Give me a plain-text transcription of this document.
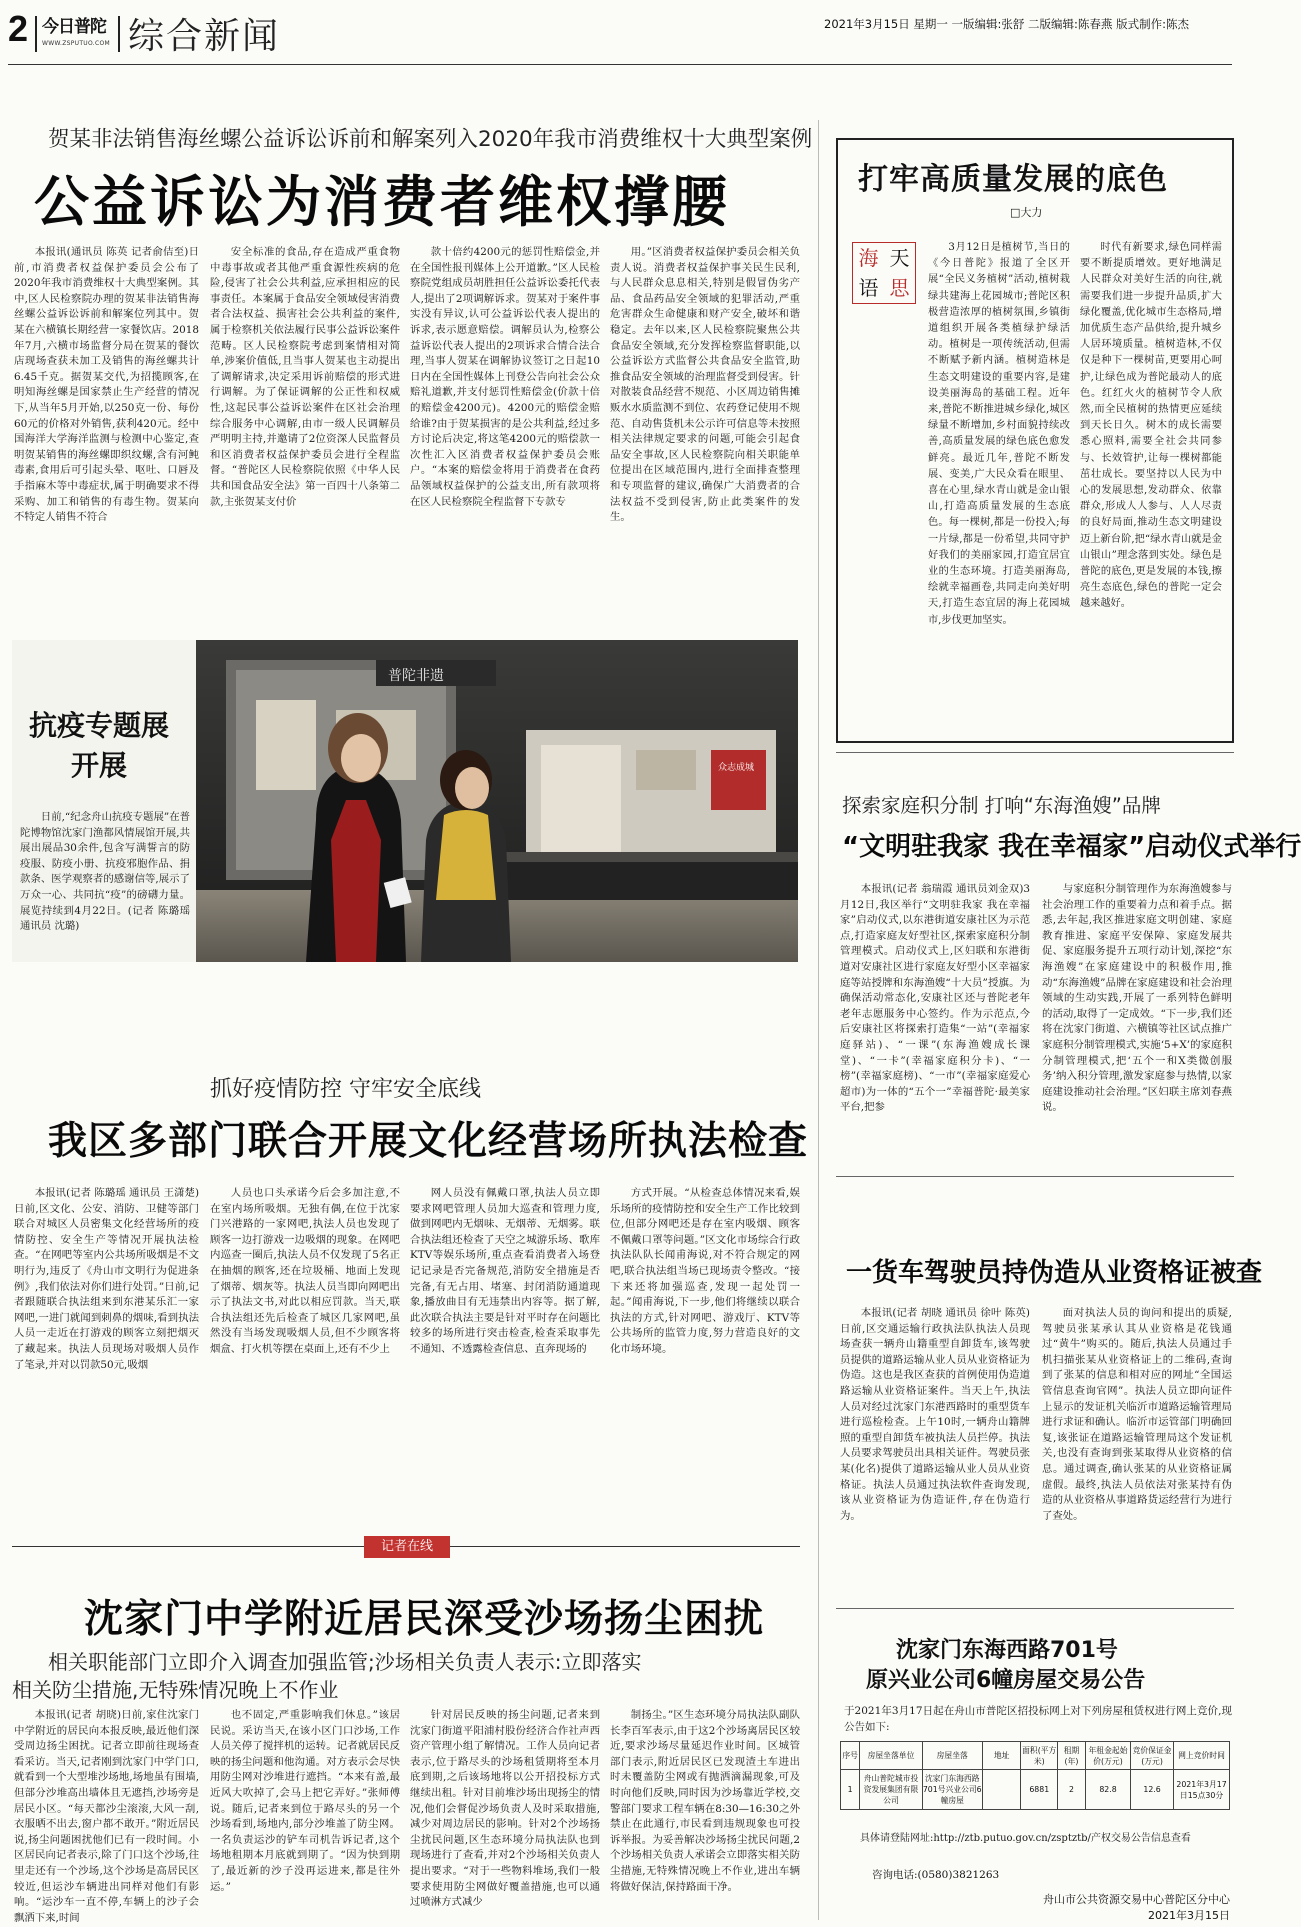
2 今日普陀
WWW.ZSPUTUO.COM 综合新闻	2021年3月15日 星期一 一版编辑:张舒 二版编辑:陈春燕 版式制作:陈杰
贺某非法销售海丝螺公益诉讼诉前和解案列入2020年我市消费维权十大典型案例
公益诉讼为消费者维权撑腰

本报讯(通讯员 陈英 记者俞佶至)日前,市消费者权益保护委员会公布了2020年我市消费维权十大典型案例。其中,区人民检察院办理的贺某非法销售海丝螺公益诉讼诉前和解案位列其中。贺某在六横镇长期经营一家餐饮店。2018年7月,六横市场监督分局在贺某的餐饮店现场查获未加工及销售的海丝螺共计6.45千克。据贺某交代,为招揽顾客,在明知海丝螺是国家禁止生产经营的情况下,从当年5月开始,以250克一份、每份60元的价格对外销售,获利420元。经中国海洋大学海洋监测与检测中心鉴定,查明贺某销售的海丝螺即织纹螺,含有河鲀毒素,食用后可引起头晕、呕吐、口唇及手指麻木等中毒症状,属于明确要求不得采购、加工和销售的有毒生物。贺某向不特定人销售不符合

安全标准的食品,存在造成严重食物中毒事故或者其他严重食源性疾病的危险,侵害了社会公共利益,应承担相应的民事责任。本案属于食品安全领域侵害消费者合法权益、损害社会公共利益的案件,属于检察机关依法履行民事公益诉讼案件范畴。区人民检察院考虑到案情相对简单,涉案价值低,且当事人贺某也主动提出了调解请求,决定采用诉前赔偿的形式进行调解。为了保证调解的公正性和权威性,这起民事公益诉讼案件在区社会治理综合服务中心调解,由市一级人民调解员严明明主持,并邀请了2位资深人民监督员和区消费者权益保护委员会进行全程监督。“普陀区人民检察院依照《中华人民共和国食品安全法》第一百四十八条第二款,主张贺某支付价

款十倍约4200元的惩罚性赔偿金,并在全国性报刊媒体上公开道歉。”区人民检察院党组成员胡胜担任公益诉讼委托代表人,提出了2项调解诉求。贺某对于案件事实没有异议,认可公益诉讼代表人提出的诉求,表示愿意赔偿。调解员认为,检察公益诉讼代表人提出的2项诉求合情合法合理,当事人贺某在调解协议签订之日起10日内在全国性媒体上刊登公告向社会公众赔礼道歉,并支付惩罚性赔偿金(价款十倍的赔偿金4200元)。4200元的赔偿金赔给谁?由于贺某损害的是公共利益,经过多方讨论后决定,将这笔4200元的赔偿款一次性汇入区消费者权益保护委员会账户。“本案的赔偿金将用于消费者在食药品领域权益保护的公益支出,所有款项将在区人民检察院全程监督下专款专

用。”区消费者权益保护委员会相关负责人说。消费者权益保护事关民生民利,与人民群众息息相关,特别是假冒伪劣产品、食品药品安全领域的犯罪活动,严重危害群众生命健康和财产安全,破坏和谐稳定。去年以来,区人民检察院聚焦公共食品安全领域,充分发挥检察监督职能,以公益诉讼方式监督公共食品安全监管,助推食品安全领域的治理监督受到侵害。针对散装食品经营不规范、小区周边销售摊贩水水质监测不到位、农药登记使用不规范、自动售货机未公示许可信息等未按照相关法律规定要求的问题,可能会引起食品安全事故,区人民检察院向相关职能单位提出在区域范围内,进行全面排查整理和专项监督的建议,确保广大消费者的合法权益不受到侵害,防止此类案件的发生。

打牢高质量发展的底色
□大力
海 天
语 思

3月12日是植树节,当日的《今日普陀》报道了全区开展“全民义务植树”活动,植树栽绿共建海上花园城市;普陀区积极营造浓厚的植树氛围,乡镇街道组织开展各类植绿护绿活动。植树是一项传统活动,但需不断赋予新内涵。植树造林是生态文明建设的重要内容,是建设美丽海岛的基础工程。近年来,普陀不断推进城乡绿化,城区绿量不断增加,乡村面貌持续改善,高质量发展的绿色底色愈发鲜亮。最近几年,普陀不断发展、变美,广大民众看在眼里、喜在心里,绿水青山就是金山银山,打造高质量发展的生态底色。每一棵树,都是一份投入;每一片绿,都是一份希望,共同守护好我们的美丽家园,打造宜居宜业的生态环境。打造美丽海岛,绘就幸福画卷,共同走向美好明天,打造生态宜居的海上花园城市,步伐更加坚实。

时代有新要求,绿色同样需要不断提质增效。更好地满足人民群众对美好生活的向往,就需要我们进一步提升品质,扩大绿化覆盖,优化城市生态格局,增加优质生态产品供给,提升城乡人居环境质量。植树造林,不仅仅是种下一棵树苗,更要用心呵护,让绿色成为普陀最动人的底色。红红火火的植树节令人欣然,而全民植树的热情更应延续到天长日久。树木的成长需要悉心照料,需要全社会共同参与、长效管护,让每一棵树都能茁壮成长。要坚持以人民为中心的发展思想,发动群众、依靠群众,形成人人参与、人人尽责的良好局面,推动生态文明建设迈上新台阶,把“绿水青山就是金山银山”理念落到实处。绿色是普陀的底色,更是发展的本钱,擦亮生态底色,绿色的普陀一定会越来越好。

抗疫专题展
开展

日前,“纪念舟山抗疫专题展”在普陀博物馆沈家门渔都风情展馆开展,共展出展品30余件,包含写满誓言的防疫服、防疫小册、抗疫邪胞作品、捐款条、医学观察者的感谢信等,展示了万众一心、共同抗“疫”的磅礴力量。展览持续到4月22日。(记者 陈璐瑶 通讯员 沈璐)

普陀非遗
众志成城
探索家庭积分制 打响“东海渔嫂”品牌
“文明驻我家 我在幸福家”启动仪式举行

本报讯(记者 翁瑞霞 通讯员刘金双)3月12日,我区举行“文明驻我家 我在幸福家”启动仪式,以东港街道安康社区为示范点,打造家庭友好型社区,探索家庭积分制管理模式。启动仪式上,区妇联和东港街道对安康社区进行家庭友好型小区幸福家庭等站授牌和东海渔嫂“十大员”授旗。为确保活动常态化,安康社区还与普陀老年老年志愿服务中心签约。作为示范点,今后安康社区将探索打造集“一站”(幸福家庭驿站)、“一课”(东海渔嫂成长课堂)、“一卡”(幸福家庭积分卡)、“一榜”(幸福家庭榜)、“一市”(幸福家庭爱心超市)为一体的“五个一”幸福普陀·最美家平台,把参

与家庭积分制管理作为东海渔嫂参与社会治理工作的重要着力点和着手点。据悉,去年起,我区推进家庭文明创建、家庭教育推进、家庭平安保障、家庭发展共促、家庭服务提升五项行动计划,深挖“东海渔嫂”在家庭建设中的积极作用,推动“东海渔嫂”品牌在家庭建设和社会治理领域的生动实践,开展了一系列特色鲜明的活动,取得了一定成效。“下一步,我们还将在沈家门街道、六横镇等社区试点推广家庭积分制管理模式,实施‘5+X’的家庭积分制管理模式,把‘五个一和X类微创服务’纳入积分管理,激发家庭参与热情,以家庭建设推动社会治理。”区妇联主席刘春燕说。

抓好疫情防控 守牢安全底线
我区多部门联合开展文化经营场所执法检查

本报讯(记者 陈璐瑶 通讯员 王潇楚)日前,区文化、公安、消防、卫健等部门联合对城区人员密集文化经营场所的疫情防控、安全生产等情况开展执法检查。“在网吧等室内公共场所吸烟是不文明行为,违反了《舟山市文明行为促进条例》,我们依法对你们进行处罚。”日前,记者跟随联合执法组来到东港某乐汇一家网吧,一进门就闻到刺鼻的烟味,看到执法人员一走近在打游戏的顾客立刻把烟灭了藏起来。执法人员现场对吸烟人员作了笔录,并对以罚款50元,吸烟

人员也口头承诺今后会多加注意,不在室内场所吸烟。无独有偶,在位于沈家门兴港路的一家网吧,执法人员也发现了顾客一边打游戏一边吸烟的现象。在网吧内巡查一圈后,执法人员不仅发现了5名正在抽烟的顾客,还在垃圾桶、地面上发现了烟蒂、烟灰等。执法人员当即向网吧出示了执法文书,对此以相应罚款。当天,联合执法组还先后检查了城区几家网吧,虽然没有当场发现吸烟人员,但不少顾客将烟盒、打火机等摆在桌面上,还有不少上

网人员没有佩戴口罩,执法人员立即要求网吧管理人员加大巡查和管理力度,做到网吧内无烟味、无烟蒂、无烟雾。联合执法组还检查了天空之城游乐场、歌库KTV等娱乐场所,重点查看消费者入场登记记录是否完备规范,消防安全措施是否完备,有无占用、堵塞、封闭消防通道现象,播放曲目有无违禁出内容等。据了解,此次联合执法主要是针对平时存在问题比较多的场所进行突击检查,检查采取事先不通知、不透露检查信息、直奔现场的

方式开展。“从检查总体情况来看,娱乐场所的疫情防控和安全生产工作比较到位,但部分网吧还是存在室内吸烟、顾客不佩戴口罩等问题。”区文化市场综合行政执法队队长闻甫海说,对不符合规定的网吧,联合执法组当场已现场责令整改。“接下来还将加强巡查,发现一起处罚一起。”闻甫海说,下一步,他们将继续以联合执法的方式,针对网吧、游戏厅、KTV等公共场所的监管力度,努力营造良好的文化市场环境。

一货车驾驶员持伪造从业资格证被查

本报讯(记者 胡晓 通讯员 徐叶 陈英)日前,区交通运输行政执法队执法人员现场查获一辆舟山籍重型自卸货车,该驾驶员提供的道路运输从业人员从业资格证为伪造。这也是我区查获的首例使用伪造道路运输从业资格证案件。当天上午,执法人员对经过沈家门东港西路时的重型货车进行巡检检查。上午10时,一辆舟山籍牌照的重型自卸货车被执法人员拦停。执法人员要求驾驶员出具相关证件。驾驶员张某(化名)提供了道路运输从业人员从业资格证。执法人员通过执法软件查询发现,该从业资格证为伪造证件,存在伪造行为。

面对执法人员的询问和提出的质疑,驾驶员张某承认其从业资格是花钱通过“黄牛”购买的。随后,执法人员通过手机扫描张某从业资格证上的二维码,查询到了张某的信息和相对应的网址“全国运管信息查询官网”。执法人员立即向证件上显示的发证机关临沂市道路运输管理局进行求证和确认。临沂市运管部门明确回复,该张证在道路运输管理局这个发证机关,也没有查询到张某取得从业资格的信息。通过调查,确认张某的从业资格证属虚假。最终,执法人员依法对张某持有伪造的从业资格从事道路货运经营行为进行了查处。

记者在线
沈家门中学附近居民深受沙场扬尘困扰
相关职能部门立即介入调查加强监管;沙场相关负责人表示:立即落实
相关防尘措施,无特殊情况晚上不作业

本报讯(记者 胡晓)日前,家住沈家门中学附近的居民向本报反映,最近他们深受周边扬尘困扰。记者立即前往现场查看采访。当天,记者刚到沈家门中学门口,就看到一个大型堆沙场地,场地虽有围墙,但部分沙堆高出墙体且无遮挡,沙场旁是居民小区。“每天都沙尘滚滚,大风一刮,衣服晒不出去,窗户都不敢开。”附近居民说,扬尘问题困扰他们已有一段时间。小区居民向记者表示,除了门口这个沙场,往里走还有一个沙场,这个沙场是高居民区较近,但运沙车辆进出同样对他们有影响。“运沙车一直不停,车辆上的沙子会飘洒下来,时间

也不固定,严重影响我们休息。”该居民说。采访当天,在该小区门口沙场,工作人员关停了搅拌机的运转。记者就居民反映的扬尘问题和他沟通。对方表示会尽快用防尘网对沙堆进行遮挡。“本来有盖,最近风大吹掉了,会马上把它弄好。”张师傅说。随后,记者来到位于路尽头的另一个沙场看到,场地内,部分沙堆盖了防尘网。一名负责运沙的铲车司机告诉记者,这个场地租期本月底就到期了。“因为快到期了,最近新的沙子没再运进来,都是往外运。”

针对居民反映的扬尘问题,记者来到沈家门街道平阳浦村股份经济合作社声西资产管理小组了解情况。工作人员向记者表示,位于路尽头的沙场租赁期将至本月底到期,之后该场地将以公开招投标方式继续出租。针对目前堆沙场出现扬尘的情况,他们会督促沙场负责人及时采取措施,减少对周边居民的影响。针对2个沙场扬尘扰民问题,区生态环境分局执法队也到现场进行了查看,并对2个沙场相关负责人提出要求。“对于一些物料堆场,我们一般要求使用防尘网做好覆盖措施,也可以通过喷淋方式减少

制扬尘。”区生态环境分局执法队副队长李百军表示,由于这2个沙场离居民区较近,要求沙场尽量延迟作业时间。区城管部门表示,附近居民区已发现渣土车进出时未覆盖防尘网或有抛洒滴漏现象,可及时向他们反映,同时因为沙场靠近学校,交警部门要求工程车辆在8:30—16:30之外禁止在此通行,市民看到违规现象也可投诉举报。为妥善解决沙场扬尘扰民问题,2个沙场相关负责人承诺会立即落实相关防尘措施,无特殊情况晚上不作业,进出车辆将做好保洁,保持路面干净。

沈家门东海西路701号
原兴业公司6幢房屋交易公告
于2021年3月17日起在舟山市普陀区招投标网上对下列房屋租赁权进行网上竞价,现公告如下:
序号	房屋坐落单位	房屋坐落	地址	面积(平方米)	租期(年)	年租金起始价(万元)	竞价保证金(万元)	网上竞价时间
1	舟山普陀城市投资发展集团有限公司	沈家门东海西路701号兴业公司6幢房屋		6881	2	82.8	12.6	2021年3月17日15点30分
具体请登陆网址:http://ztb.putuo.gov.cn/zsptztb/产权交易公告信息查看
咨询电话:(0580)3821263
舟山市公共资源交易中心普陀区分中心
2021年3月15日
